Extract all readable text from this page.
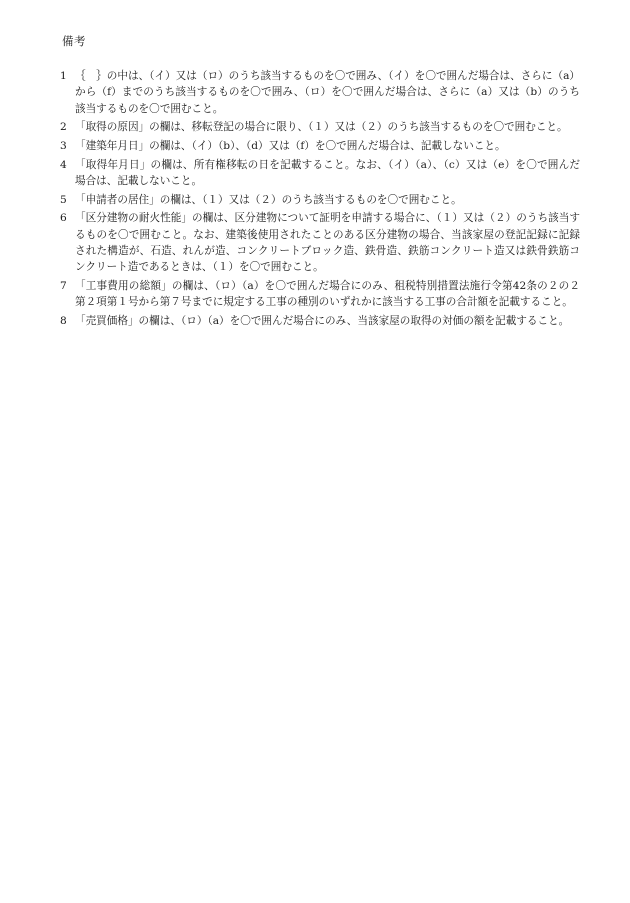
備考
1 ｛　｝の中は、（イ）又は（ロ）のうち該当するものを〇で囲み、（イ）を〇で囲んだ場合は、さらに（a）から（f）までのうち該当するものを〇で囲み、（ロ）を〇で囲んだ場合は、さらに（a）又は（b）のうち該当するものを〇で囲むこと。
2 「取得の原因」の欄は、移転登記の場合に限り、（１）又は（２）のうち該当するものを〇で囲むこと。
3 「建築年月日」の欄は、（イ）（b）、（d）又は（f）を〇で囲んだ場合は、記載しないこと。
4 「取得年月日」の欄は、所有権移転の日を記載すること。なお、（イ）（a）、（c）又は（e）を〇で囲んだ場合は、記載しないこと。
5 「申請者の居住」の欄は、（１）又は（２）のうち該当するものを〇で囲むこと。
6 「区分建物の耐火性能」の欄は、区分建物について証明を申請する場合に、（１）又は（２）のうち該当するものを〇で囲むこと。なお、建築後使用されたことのある区分建物の場合、当該家屋の登記記録に記録された構造が、石造、れんが造、コンクリートブロック造、鉄骨造、鉄筋コンクリート造又は鉄骨鉄筋コンクリート造であるときは、（１）を〇で囲むこと。
7 「工事費用の総額」の欄は、（ロ）（a）を〇で囲んだ場合にのみ、租税特別措置法施行令第42条の２の２第２項第１号から第７号までに規定する工事の種別のいずれかに該当する工事の合計額を記載すること。
8 「売買価格」の欄は、（ロ）（a）を〇で囲んだ場合にのみ、当該家屋の取得の対価の額を記載すること。
